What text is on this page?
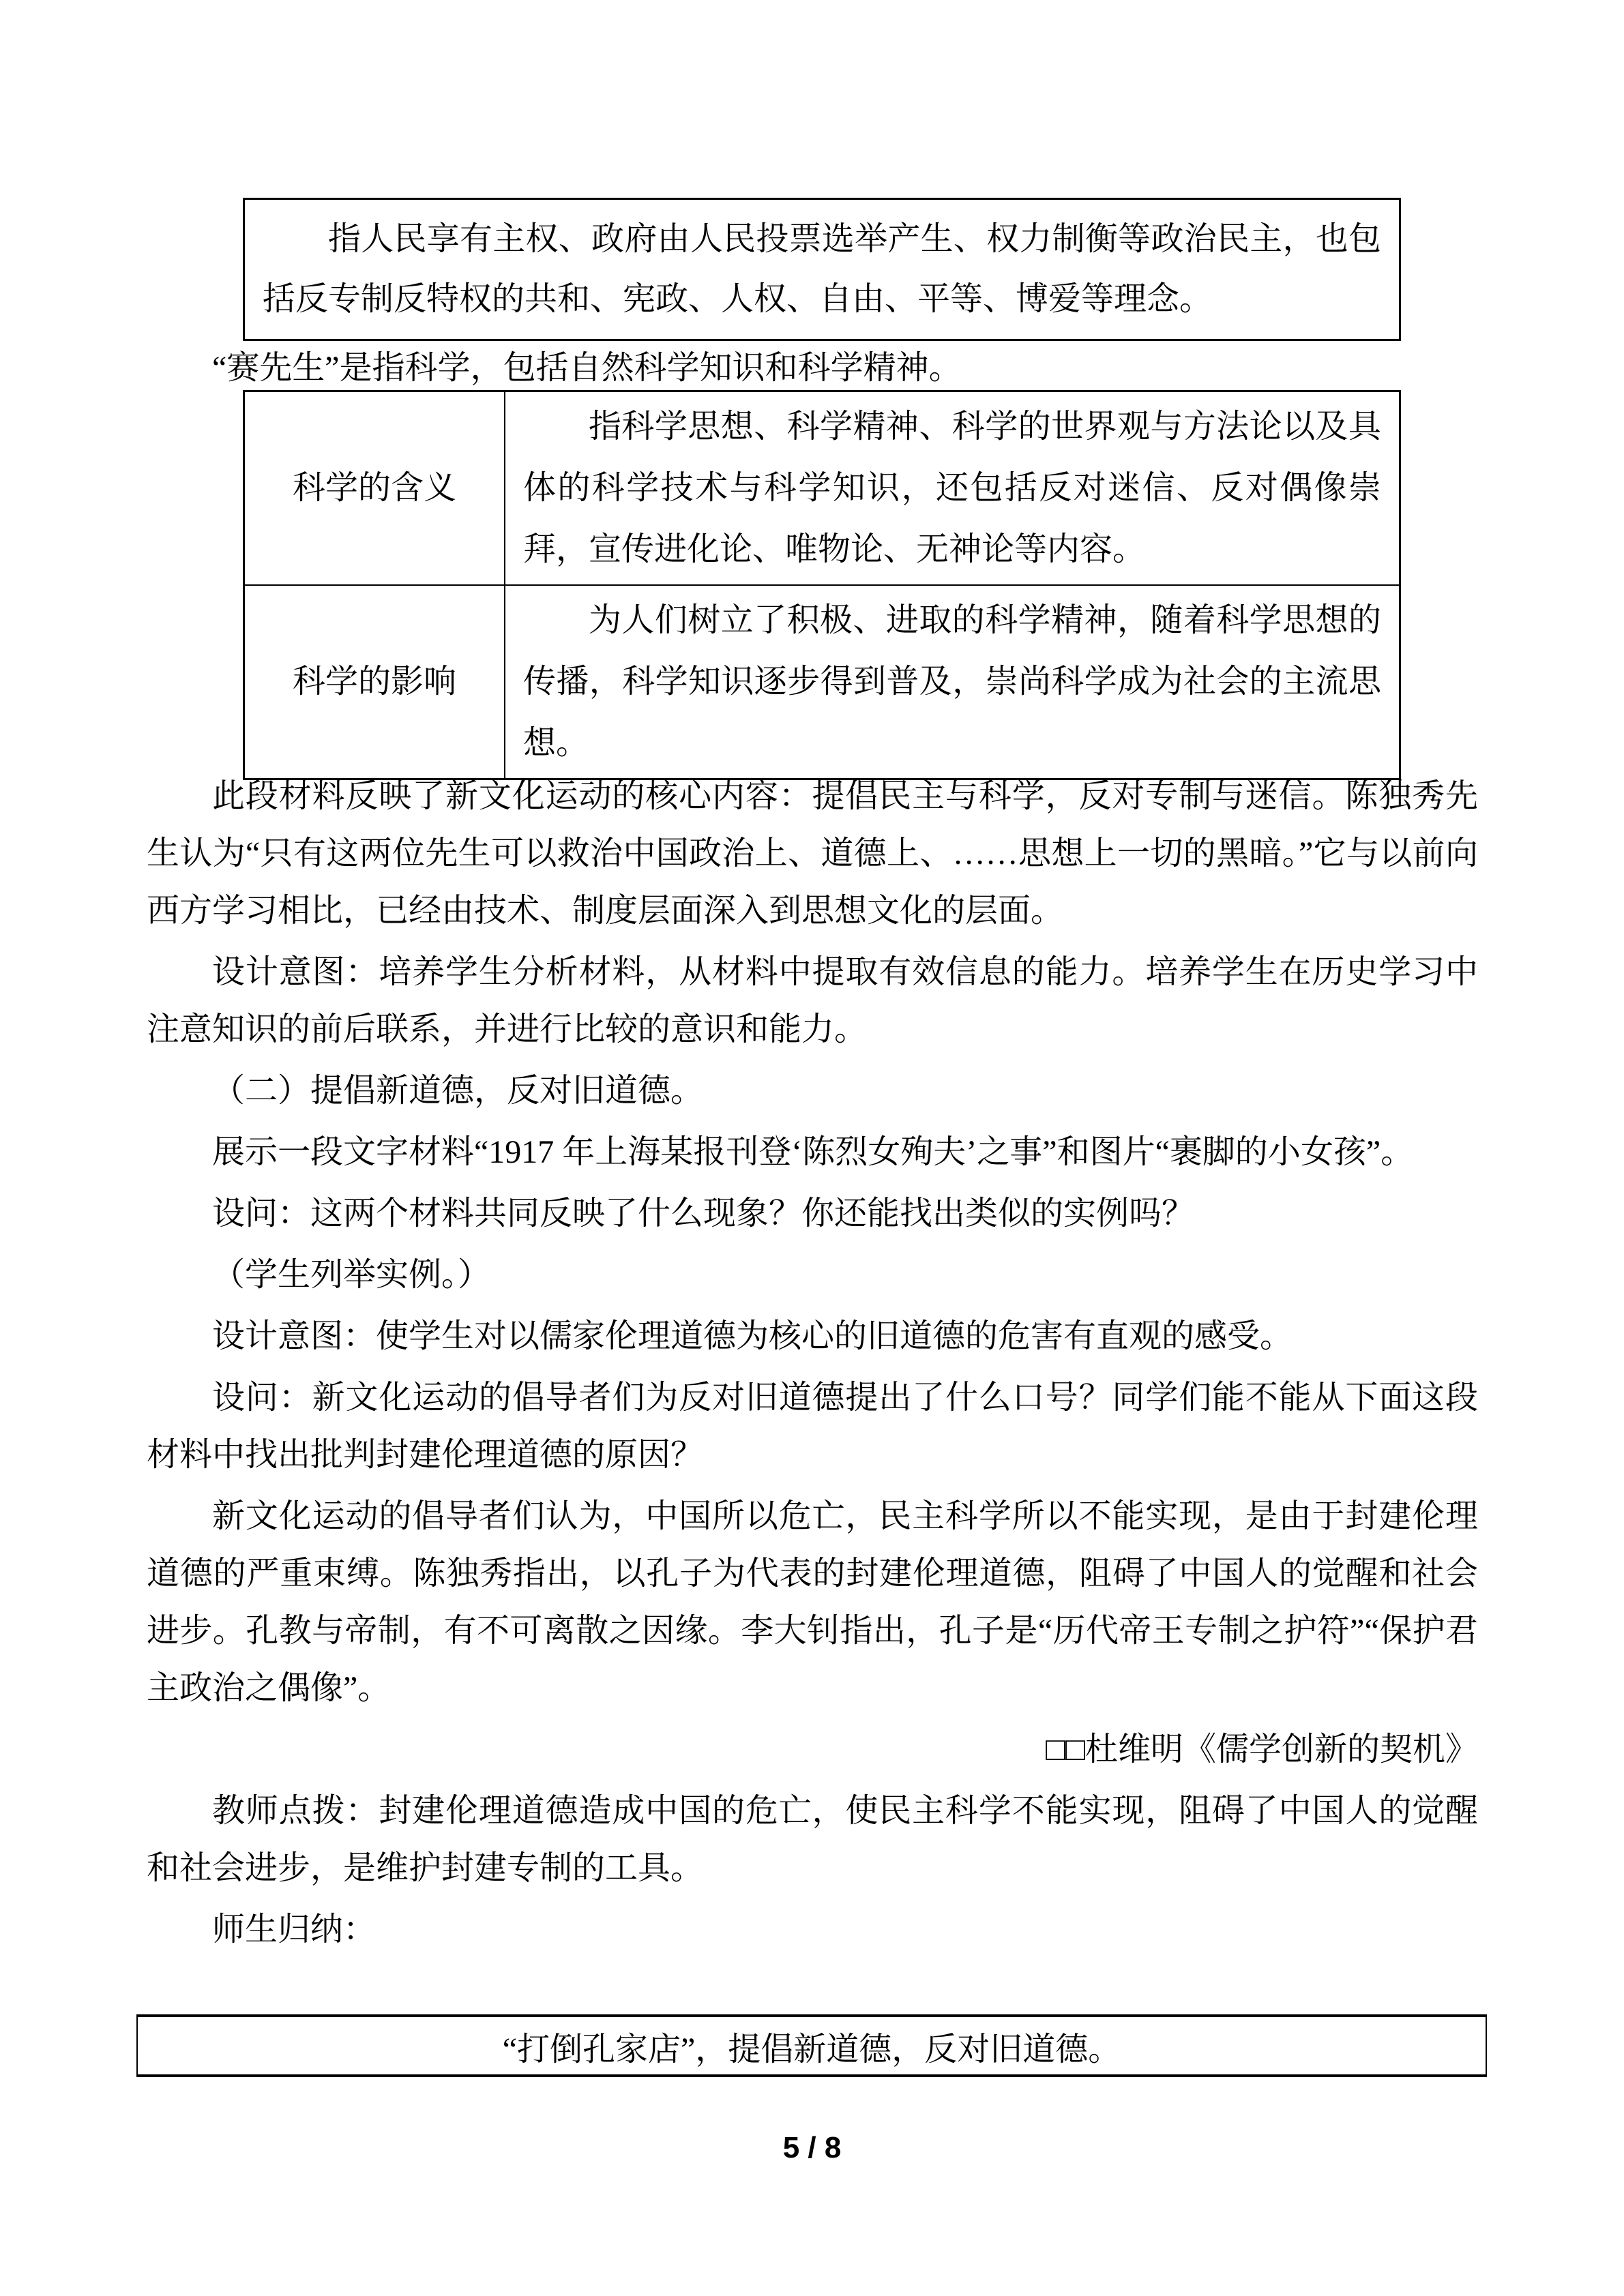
指人民享有主权、政府由人民投票选举产生、权力制衡等政治民主，也包括反专制反特权的共和、宪政、人权、自由、平等、博爱等理念。

“赛先生”是指科学，包括自然科学知识和科学精神。

科学的含义	指科学思想、科学精神、科学的世界观与方法论以及具体的科学技术与科学知识，还包括反对迷信、反对偶像崇拜，宣传进化论、唯物论、无神论等内容。

科学的影响	为人们树立了积极、进取的科学精神，随着科学思想的传播，科学知识逐步得到普及，崇尚科学成为社会的主流思想。

此段材料反映了新文化运动的核心内容：提倡民主与科学，反对专制与迷信。陈独秀先生认为“只有这两位先生可以救治中国政治上、道德上、……思想上一切的黑暗。”它与以前向西方学习相比，已经由技术、制度层面深入到思想文化的层面。

设计意图：培养学生分析材料，从材料中提取有效信息的能力。培养学生在历史学习中注意知识的前后联系，并进行比较的意识和能力。

（二）提倡新道德，反对旧道德。

展示一段文字材料“1917 年上海某报刊登‘陈烈女殉夫’之事”和图片“裹脚的小女孩”。

设问：这两个材料共同反映了什么现象？你还能找出类似的实例吗？

（学生列举实例。）

设计意图：使学生对以儒家伦理道德为核心的旧道德的危害有直观的感受。

设问：新文化运动的倡导者们为反对旧道德提出了什么口号？同学们能不能从下面这段材料中找出批判封建伦理道德的原因？

新文化运动的倡导者们认为，中国所以危亡，民主科学所以不能实现，是由于封建伦理道德的严重束缚。陈独秀指出，以孔子为代表的封建伦理道德，阻碍了中国人的觉醒和社会进步。孔教与帝制，有不可离散之因缘。李大钊指出，孔子是“历代帝王专制之护符”“保护君主政治之偶像”。

□□杜维明《儒学创新的契机》

教师点拨：封建伦理道德造成中国的危亡，使民主科学不能实现，阻碍了中国人的觉醒和社会进步，是维护封建专制的工具。

师生归纳：

“打倒孔家店”，提倡新道德，反对旧道德。
5 / 8
